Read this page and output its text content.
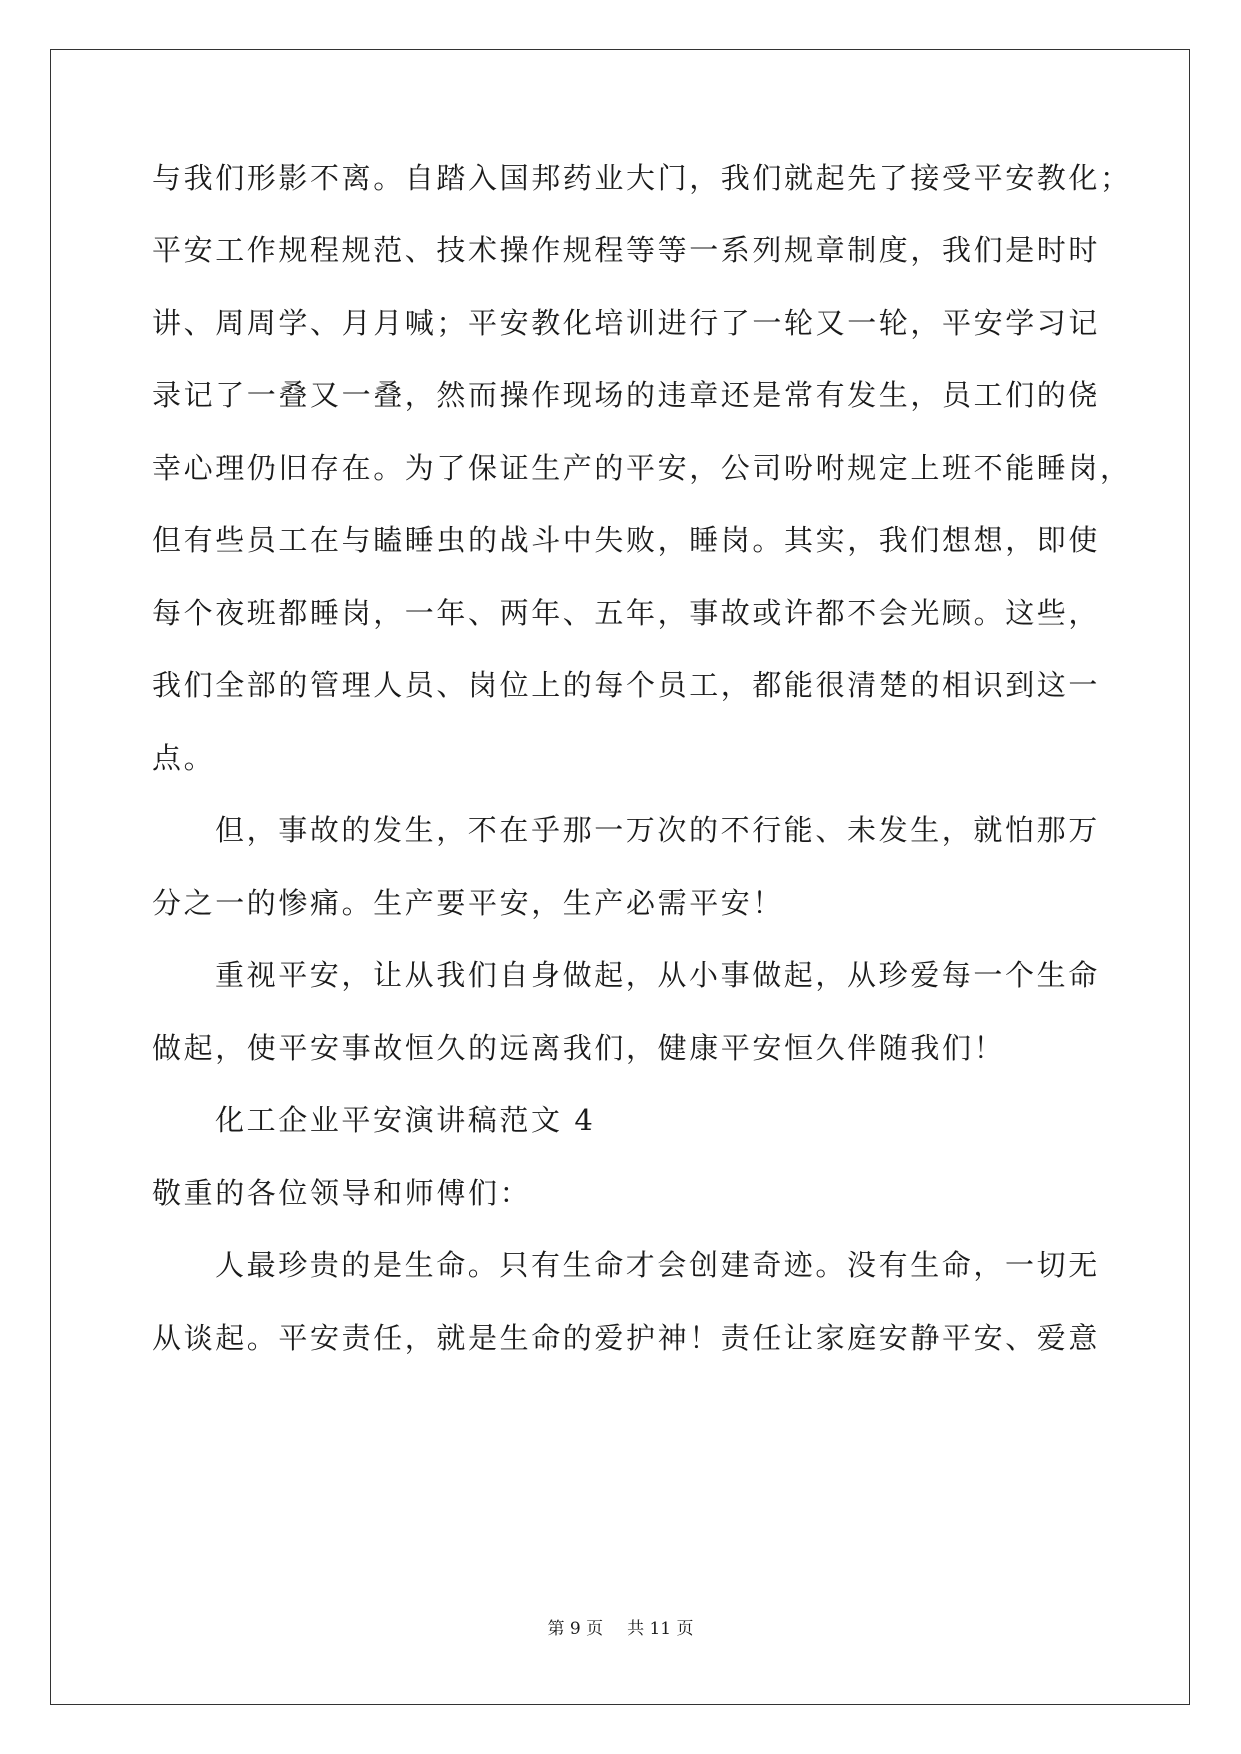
与我们形影不离。自踏入国邦药业大门，我们就起先了接受平安教化；
平安工作规程规范、技术操作规程等等一系列规章制度，我们是时时
讲、周周学、月月喊；平安教化培训进行了一轮又一轮，平安学习记
录记了一叠又一叠，然而操作现场的违章还是常有发生，员工们的侥
幸心理仍旧存在。为了保证生产的平安，公司吩咐规定上班不能睡岗，
但有些员工在与瞌睡虫的战斗中失败，睡岗。其实，我们想想，即使
每个夜班都睡岗，一年、两年、五年，事故或许都不会光顾。这些，
我们全部的管理人员、岗位上的每个员工，都能很清楚的相识到这一
点。
但，事故的发生，不在乎那一万次的不行能、未发生，就怕那万
分之一的惨痛。生产要平安，生产必需平安！
重视平安，让从我们自身做起，从小事做起，从珍爱每一个生命
做起，使平安事故恒久的远离我们，健康平安恒久伴随我们！
化工企业平安演讲稿范文 4
敬重的各位领导和师傅们：
人最珍贵的是生命。只有生命才会创建奇迹。没有生命，一切无
从谈起。平安责任，就是生命的爱护神！责任让家庭安静平安、爱意
第 9 页 共 11 页
